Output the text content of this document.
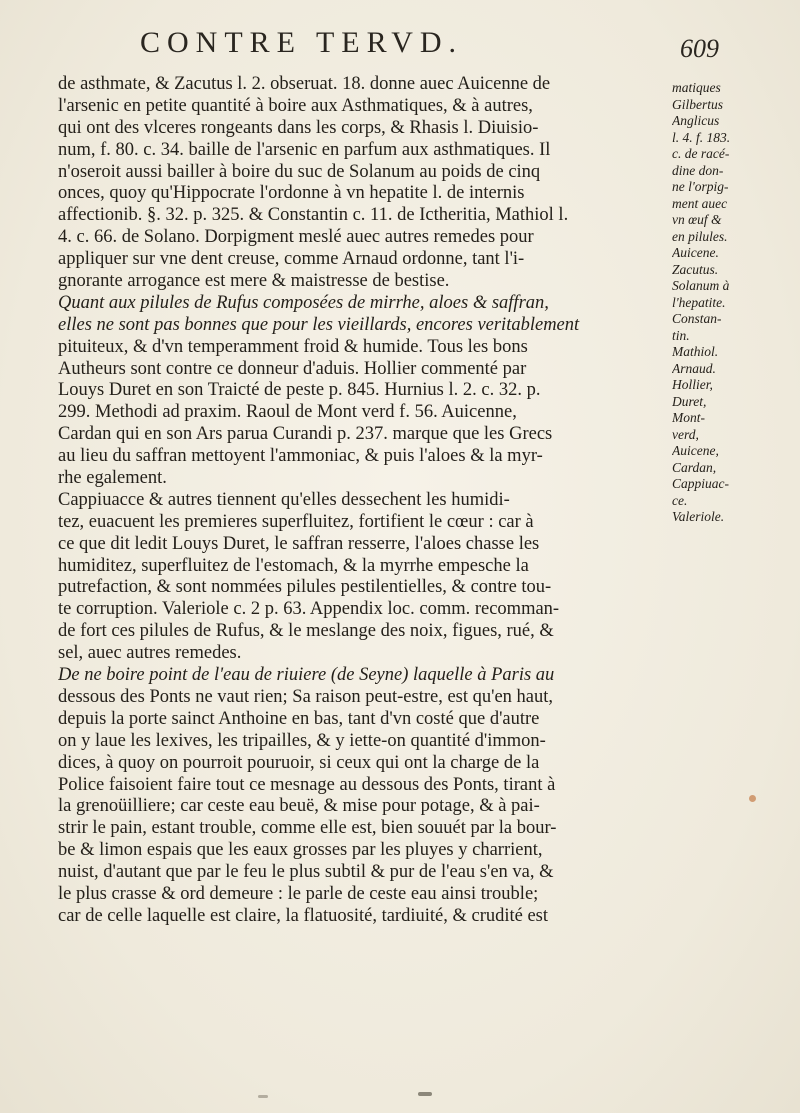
CONTRE TERVD.	609
de asthmate, & Zacutus l. 2. obseruat. 18. donne auec Auicenne de
l'arsenic en petite quantité à boire aux Asthmatiques, & à autres,
qui ont des vlceres rongeants dans les corps, & Rhasis l. Diuisio-
num, f. 80. c. 34. baille de l'arsenic en parfum aux asthmatiques. Il
n'oseroit aussi bailler à boire du suc de Solanum au poids de cinq
onces, quoy qu'Hippocrate l'ordonne à vn hepatite l. de internis
affectionib. §. 32. p. 325. & Constantin c. 11. de Ictheritia, Mathiol l.
4. c. 66. de Solano. Dorpigment meslé auec autres remedes pour
appliquer sur vne dent creuse, comme Arnaud ordonne, tant l'i-
gnorante arrogance est mere & maistresse de bestise.
Quant aux pilules de Rufus composées de mirrhe, aloes & saffran,
elles ne sont pas bonnes que pour les vieillards, encores veritablement
pituiteux, & d'vn temperamment froid & humide. Tous les bons
Autheurs sont contre ce donneur d'aduis. Hollier commenté par
Louys Duret en son Traicté de peste p. 845. Hurnius l. 2. c. 32. p.
299. Methodi ad praxim. Raoul de Mont verd f. 56. Auicenne,
Cardan qui en son Ars parua Curandi p. 237. marque que les Grecs
au lieu du saffran mettoyent l'ammoniac, & puis l'aloes & la myr-
rhe egalement.
Cappiuacce & autres tiennent qu'elles dessechent les humidi-
tez, euacuent les premieres superfluitez, fortifient le cœur : car à
ce que dit ledit Louys Duret, le saffran resserre, l'aloes chasse les
humiditez, superfluitez de l'estomach, & la myrrhe empesche la
putrefaction, & sont nommées pilules pestilentielles, & contre tou-
te corruption. Valeriole c. 2 p. 63. Appendix loc. comm. recomman-
de fort ces pilules de Rufus, & le meslange des noix, figues, rué, &
sel, auec autres remedes.
De ne boire point de l'eau de riuiere (de Seyne) laquelle à Paris au
dessous des Ponts ne vaut rien; Sa raison peut-estre, est qu'en haut,
depuis la porte sainct Anthoine en bas, tant d'vn costé que d'autre
on y laue les lexives, les tripailles, & y iette-on quantité d'immon-
dices, à quoy on pourroit pouruoir, si ceux qui ont la charge de la
Police faisoient faire tout ce mesnage au dessous des Ponts, tirant à
la grenoüilliere; car ceste eau beuë, & mise pour potage, & à pai-
strir le pain, estant trouble, comme elle est, bien souuét par la bour-
be & limon espais que les eaux grosses par les pluyes y charrient,
nuist, d'autant que par le feu le plus subtil & pur de l'eau s'en va, &
le plus crasse & ord demeure : le parle de ceste eau ainsi trouble;
car de celle laquelle est claire, la flatuosité, tardiuité, & crudité est
matiques
Gilbertus
Anglicus
l. 4. f. 183.
c. de racé-
dine don-
ne l'orpig-
ment auec
vn œuf &
en pilules.
Auicene.
Zacutus.
Solanum à
l'hepatite.
Constan-
tin.
Mathiol.
Arnaud.
Hollier,
Duret,
Mont-
verd,
Auicene,
Cardan,
Cappiuac-
ce.
Valeriole.
